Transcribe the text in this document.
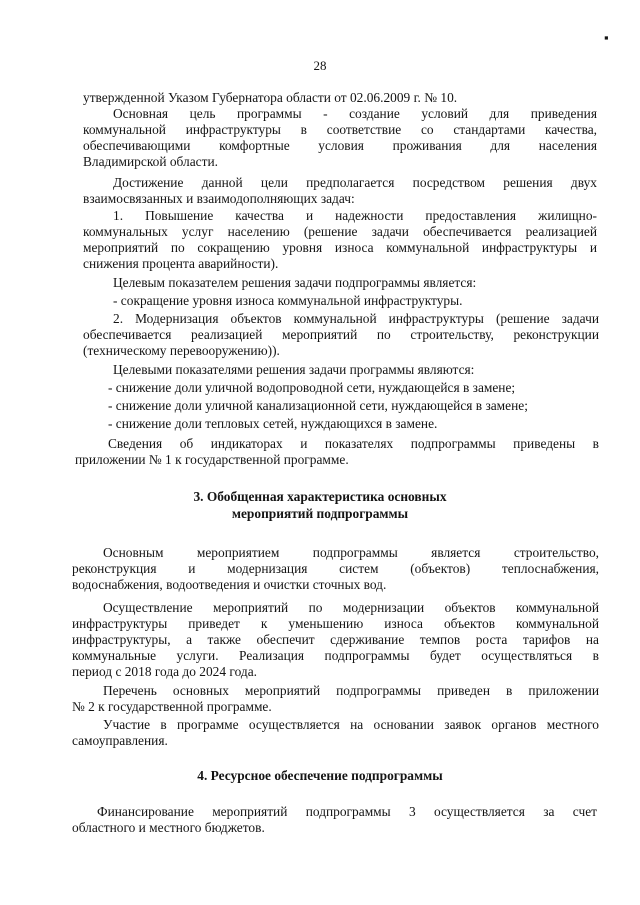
▪
28
утвержденной Указом Губернатора области от 02.06.2009 г. № 10.
Основная цель программы - создание условий для приведения
коммунальной инфраструктуры в соответствие со стандартами качества,
обеспечивающими комфортные условия проживания для населения
Владимирской области.
Достижение данной цели предполагается посредством решения двух
взаимосвязанных и взаимодополняющих задач:
1. Повышение качества и надежности предоставления жилищно-
коммунальных услуг населению (решение задачи обеспечивается реализацией
мероприятий по сокращению уровня износа коммунальной инфраструктуры и
снижения процента аварийности).
Целевым показателем решения задачи подпрограммы является:
- сокращение уровня износа коммунальной инфраструктуры.
2. Модернизация объектов коммунальной инфраструктуры (решение задачи
обеспечивается реализацией мероприятий по строительству, реконструкции
(техническому перевооружению)).
Целевыми показателями решения задачи программы являются:
- снижение доли уличной водопроводной сети, нуждающейся в замене;
- снижение доли уличной канализационной сети, нуждающейся в замене;
- снижение доли тепловых сетей, нуждающихся в замене.
Сведения об индикаторах и показателях подпрограммы приведены в
приложении № 1 к государственной программе.
3. Обобщенная характеристика основных
мероприятий подпрограммы
Основным мероприятием подпрограммы является строительство,
реконструкция и модернизация систем (объектов) теплоснабжения,
водоснабжения, водоотведения и очистки сточных вод.
Осуществление мероприятий по модернизации объектов коммунальной
инфраструктуры приведет к уменьшению износа объектов коммунальной
инфраструктуры, а также обеспечит сдерживание темпов роста тарифов на
коммунальные услуги. Реализация подпрограммы будет осуществляться в
период с 2018 года до 2024 года.
Перечень основных мероприятий подпрограммы приведен в приложении
№ 2 к государственной программе.
Участие в программе осуществляется на основании заявок органов местного
самоуправления.
4. Ресурсное обеспечение подпрограммы
Финансирование мероприятий подпрограммы 3 осуществляется за счет
областного и местного бюджетов.
